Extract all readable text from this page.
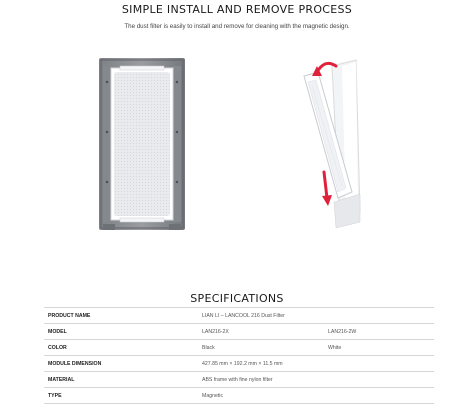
SIMPLE INSTALL AND REMOVE PROCESS
The dust filter is easily to install and remove for cleaning with the magnetic design.
SPECIFICATIONS
PRODUCT NAME	LIAN LI – LANCOOL 216 Dust Filter	
MODEL	LAN216-2X	LAN216-2W
COLOR	Black	White
MODULE DIMENSION	427.85 mm × 192.2 mm × 11.5 mm	
MATERIAL	ABS frame with fine nylon filter	
TYPE	Magnetic	
